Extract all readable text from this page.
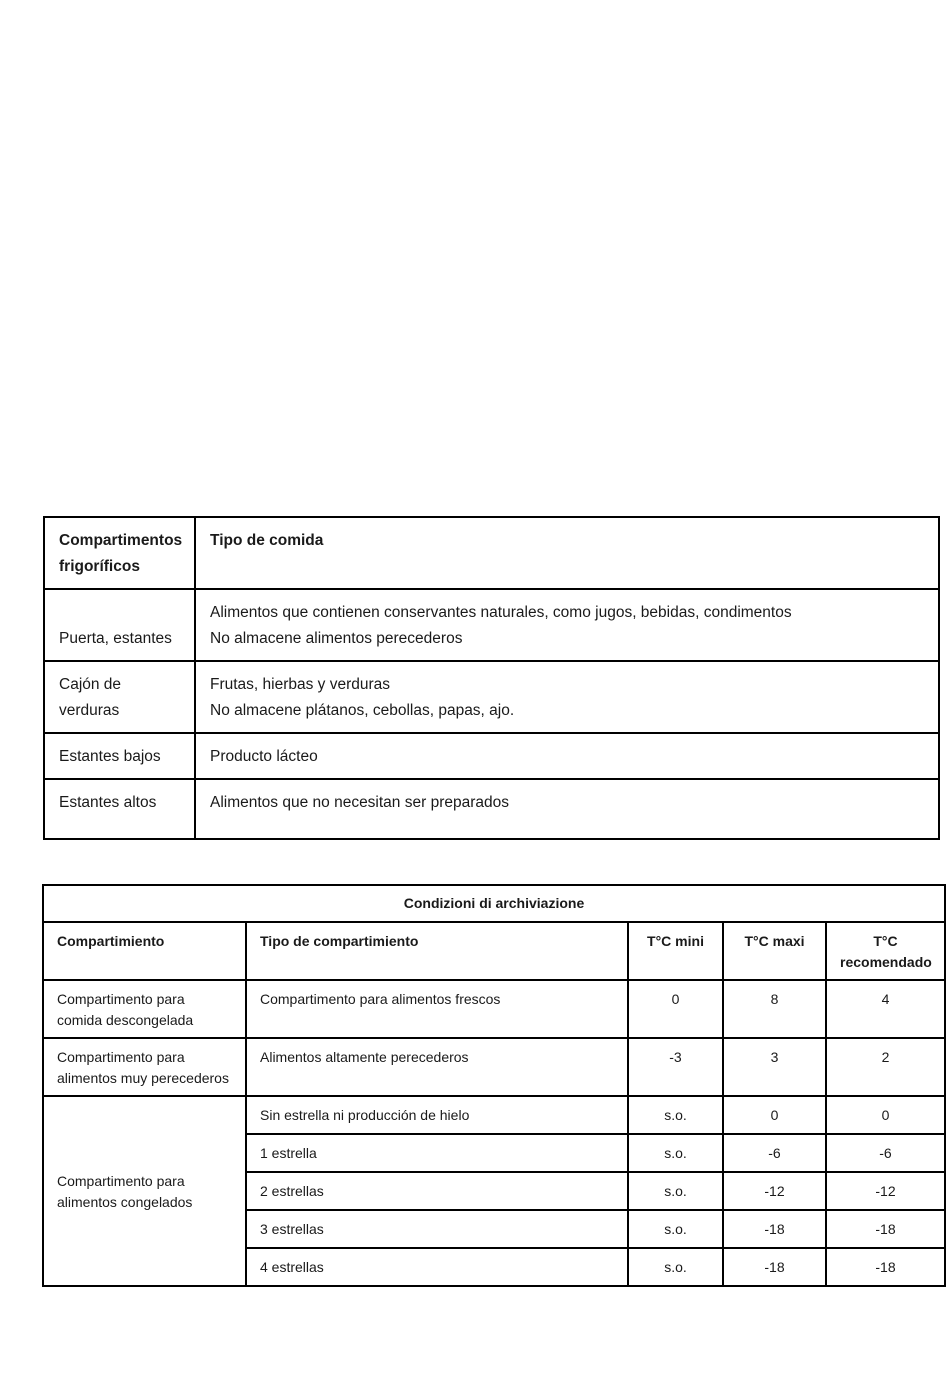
Compartimentos frigoríficos	Tipo de comida
Puerta, estantes	Alimentos que contienen conservantes naturales, como jugos, bebidas, condimentos
No almacene alimentos perecederos

Cajón de verduras	Frutas, hierbas y verduras
No almacene plátanos, cebollas, papas, ajo.

Estantes bajos	Producto lácteo

Estantes altos	Alimentos que no necesitan ser preparados
Condizioni di archiviazione				
Compartimiento	Tipo de compartimiento	T°C mini	T°C maxi	T°C recomendado
Compartimento para comida descongelada	Compartimento para alimentos frescos	0	8	4
Compartimento para alimentos muy perecederos	Alimentos altamente perecederos	-3	3	2
Compartimento para alimentos congelados	Sin estrella ni producción de hielo	s.o.	0	0
	1 estrella	s.o.	-6	-6
	2 estrellas	s.o.	-12	-12
	3 estrellas	s.o.	-18	-18
	4 estrellas	s.o.	-18	-18
